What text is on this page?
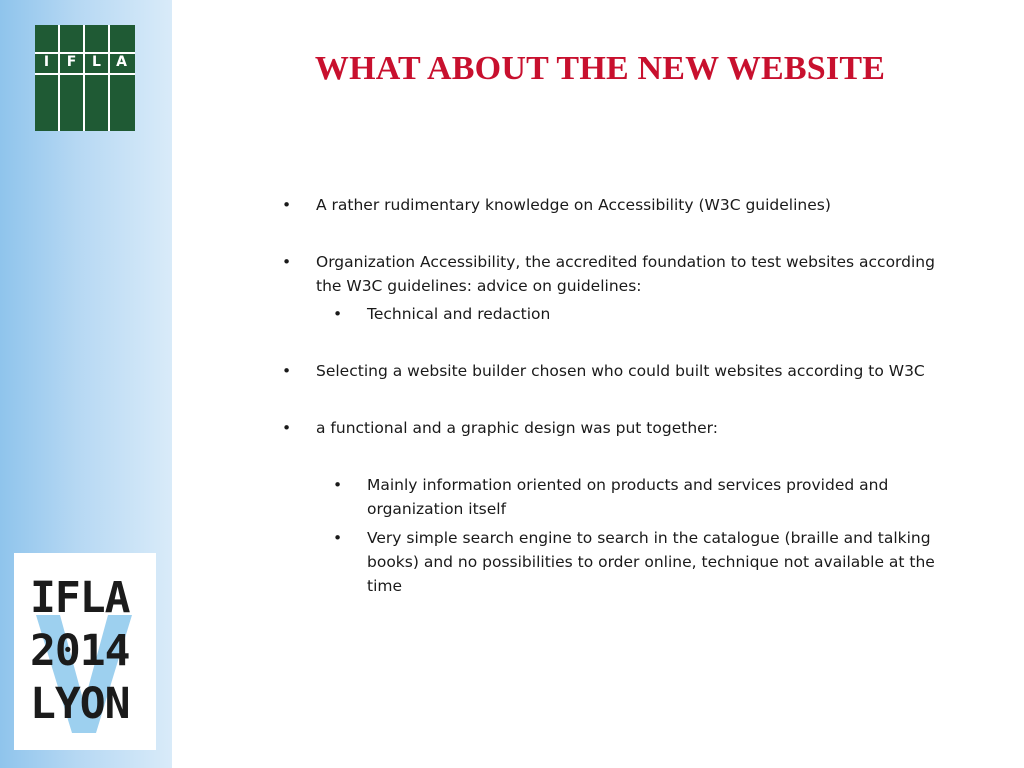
I	F	L	A
IFLA
2014
LYON
WHAT ABOUT THE NEW WEBSITE
•	A rather rudimentary knowledge on Accessibility (W3C guidelines)
•	Organization Accessibility, the accredited foundation to test websites according the W3C guidelines: advice on guidelines:
•	Technical and redaction
•	Selecting a website builder chosen who could built websites according to W3C
•	a functional and a graphic design was put together:
•	Mainly information oriented on products and services provided and organization itself
•	Very simple search engine to search in the catalogue (braille and talking books) and no possibilities to order online, technique not available at the time
